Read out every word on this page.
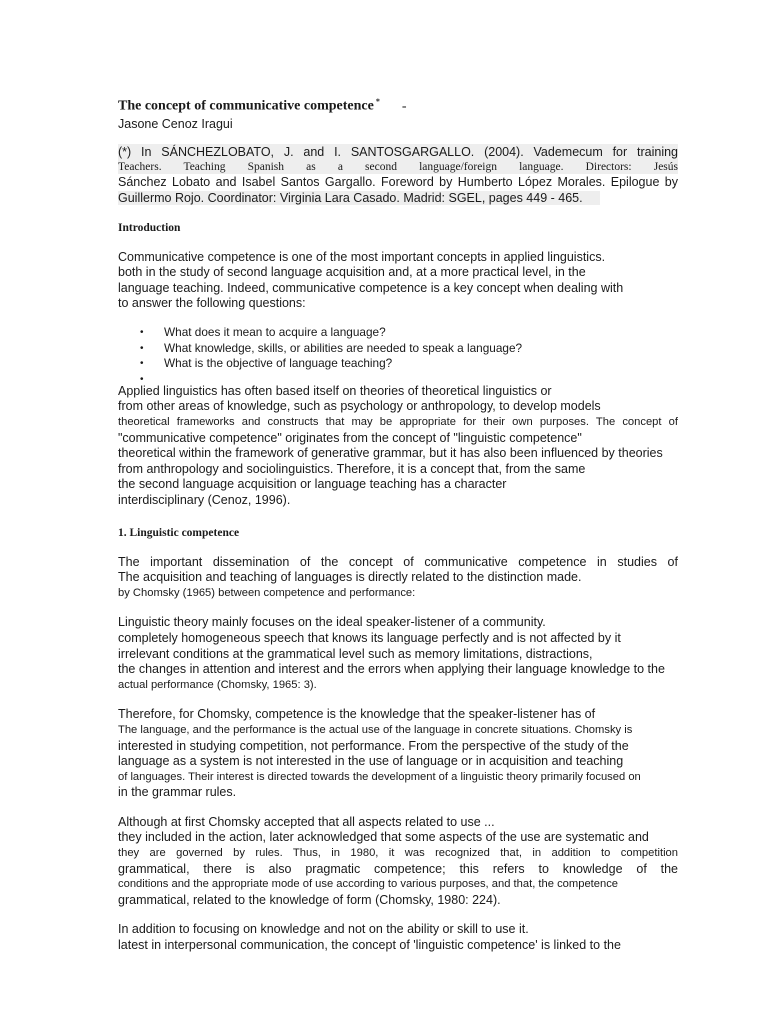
The concept of communicative competence * -
Jasone Cenoz Iragui
(*) In SÁNCHEZLOBATO, J. and I. SANTOSGARGALLO. (2004). Vademecum for training
Teachers. Teaching Spanish as a second language/foreign language. Directors: Jesús
Sánchez Lobato and Isabel Santos Gargallo. Foreword by Humberto López Morales. Epilogue by
Guillermo Rojo. Coordinator: Virginia Lara Casado. Madrid: SGEL, pages 449 - 465.
Introduction
Communicative competence is one of the most important concepts in applied linguistics.
both in the study of second language acquisition and, at a more practical level, in the
language teaching. Indeed, communicative competence is a key concept when dealing with
to answer the following questions:
• What does it mean to acquire a language?
• What knowledge, skills, or abilities are needed to speak a language?
• What is the objective of language teaching?
•
Applied linguistics has often based itself on theories of theoretical linguistics or
from other areas of knowledge, such as psychology or anthropology, to develop models
theoretical frameworks and constructs that may be appropriate for their own purposes. The concept of
"communicative competence" originates from the concept of "linguistic competence"
theoretical within the framework of generative grammar, but it has also been influenced by theories
from anthropology and sociolinguistics. Therefore, it is a concept that, from the same
the second language acquisition or language teaching has a character
interdisciplinary (Cenoz, 1996).
1. Linguistic competence
The important dissemination of the concept of communicative competence in studies of
The acquisition and teaching of languages is directly related to the distinction made.
by Chomsky (1965) between competence and performance:
Linguistic theory mainly focuses on the ideal speaker-listener of a community.
completely homogeneous speech that knows its language perfectly and is not affected by it
irrelevant conditions at the grammatical level such as memory limitations, distractions,
the changes in attention and interest and the errors when applying their language knowledge to the
actual performance (Chomsky, 1965: 3).
Therefore, for Chomsky, competence is the knowledge that the speaker-listener has of
The language, and the performance is the actual use of the language in concrete situations. Chomsky is
interested in studying competition, not performance. From the perspective of the study of the
language as a system is not interested in the use of language or in acquisition and teaching
of languages. Their interest is directed towards the development of a linguistic theory primarily focused on
in the grammar rules.
Although at first Chomsky accepted that all aspects related to use ...
they included in the action, later acknowledged that some aspects of the use are systematic and
they are governed by rules. Thus, in 1980, it was recognized that, in addition to competition
grammatical, there is also pragmatic competence; this refers to knowledge of the
conditions and the appropriate mode of use according to various purposes, and that, the competence
grammatical, related to the knowledge of form (Chomsky, 1980: 224).
In addition to focusing on knowledge and not on the ability or skill to use it.
latest in interpersonal communication, the concept of 'linguistic competence' is linked to the
